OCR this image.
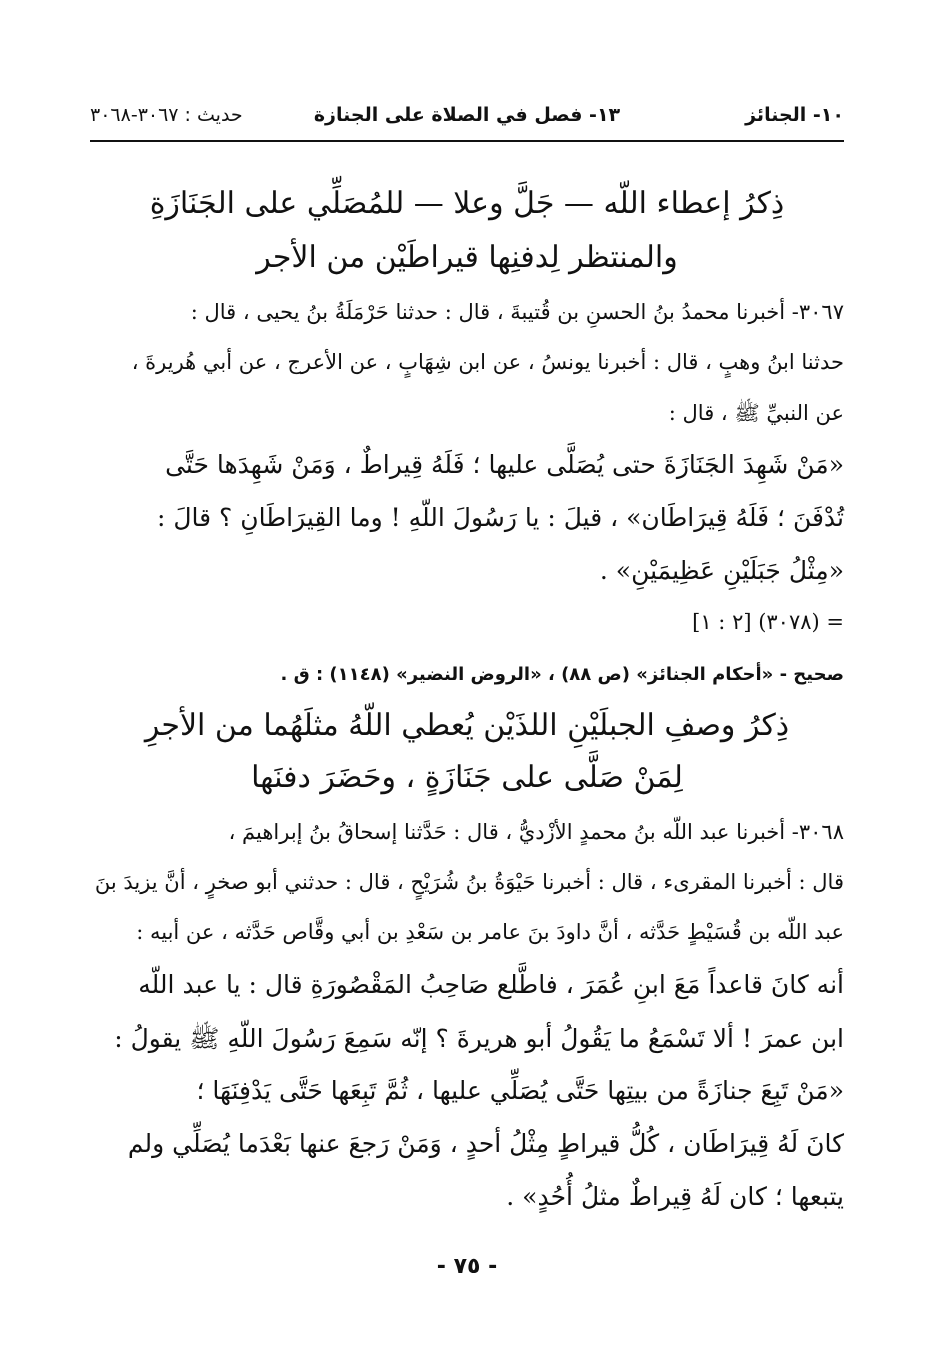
١٠- الجنائز
١٣- فصل في الصلاة على الجنازة
حديث : ٣٠٦٧-٣٠٦٨
ذِكرُ إعطاء اللّه — جَلَّ وعلا — للمُصَلِّي على الجَنَازَةِ
والمنتظر لِدفنِها قيراطَيْن من الأجر
٣٠٦٧- أخبرنا محمدُ بنُ الحسنِ بن قُتيبةَ ، قال : حدثنا حَرْمَلَةُ بنُ يحيى ، قال :
حدثنا ابنُ وهبٍ ، قال : أخبرنا يونسُ ، عن ابن شِهَابٍ ، عن الأعرج ، عن أبي هُريرةَ ،
عن النبيِّ ﷺ ، قال :
«مَنْ شَهِدَ الجَنَازَةَ حتى يُصَلَّى عليها ؛ فَلَهُ قِيراطٌ ، وَمَنْ شَهِدَها حَتَّى
تُدْفَنَ ؛ فَلَهُ قِيرَاطَان» ، قيلَ : يا رَسُولَ اللّهِ ! وما القِيرَاطَانِ ؟ قالَ :
«مِثْلُ جَبَلَيْنِ عَظِيمَيْنِ» .
= (٣٠٧٨) [٢ : ١]
صحيح - «أحكام الجنائز» (ص ٨٨) ، «الروض النضير» (١١٤٨) : ق .
ذِكرُ وصفِ الجبلَيْنِ اللذَيْن يُعطي اللّهُ مثلَهُما من الأجرِ
لِمَنْ صَلَّى على جَنَازَةٍ ، وحَضَرَ دفنَها
٣٠٦٨- أخبرنا عبد اللّه بنُ محمدٍ الأزْديُّ ، قال : حَدَّثنا إسحاقُ بنُ إبراهيمَ ،
قال : أخبرنا المقرىء ، قال : أخبرنا حَيْوَةُ بنُ شُرَيْحٍ ، قال : حدثني أبو صخرٍ ، أنَّ يزيدَ بنَ
عبد اللّه بن قُسَيْطٍ حَدَّثه ، أنَّ داودَ بنَ عامر بن سَعْدِ بن أبي وقَّاص حَدَّثه ، عن أبيه :
أنه كانَ قاعداً مَعَ ابنِ عُمَرَ ، فاطَّلع صَاحِبُ المَقْصُورَةِ قال : يا عبد اللّه
ابن عمرَ ! ألا تَسْمَعُ ما يَقُولُ أبو هريرةَ ؟ إنّه سَمِعَ رَسُولَ اللّهِ ﷺ يقولُ :
«مَنْ تَبِعَ جنازَةً من بيتِها حَتَّى يُصَلِّي عليها ، ثُمَّ تَبِعَها حَتَّى يَدْفِنَهَا ؛
كانَ لَهُ قِيرَاطَان ، كُلُّ قيراطٍ مِثْلُ أحدٍ ، وَمَنْ رَجعَ عنها بَعْدَما يُصَلِّي ولم
يتبعها ؛ كان لَهُ قِيراطٌ مثلُ أُحُدٍ» .
- ٧٥ -
